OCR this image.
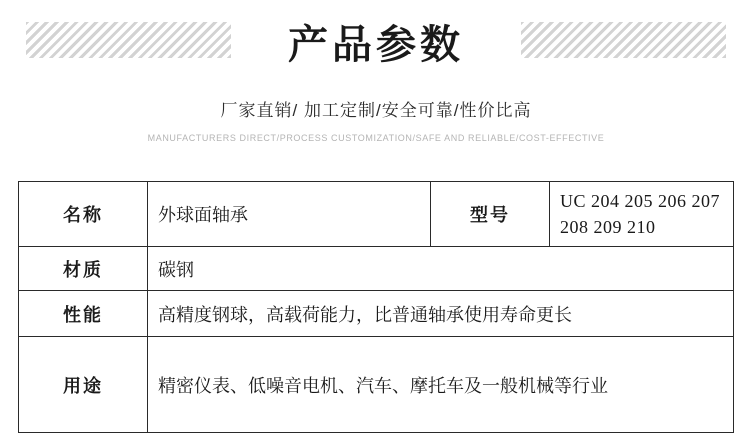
产品参数
厂家直销/ 加工定制/安全可靠/性价比高
MANUFACTURERS DIRECT/PROCESS CUSTOMIZATION/SAFE AND RELIABLE/COST-EFFECTIVE
名称	外球面轴承	型号	UC 204 205 206 207
208 209 210

材质	碳钢		
性能	高精度钢球，高载荷能力，比普通轴承使用寿命更长		
用途	精密仪表、低噪音电机、汽车、摩托车及一般机械等行业		
